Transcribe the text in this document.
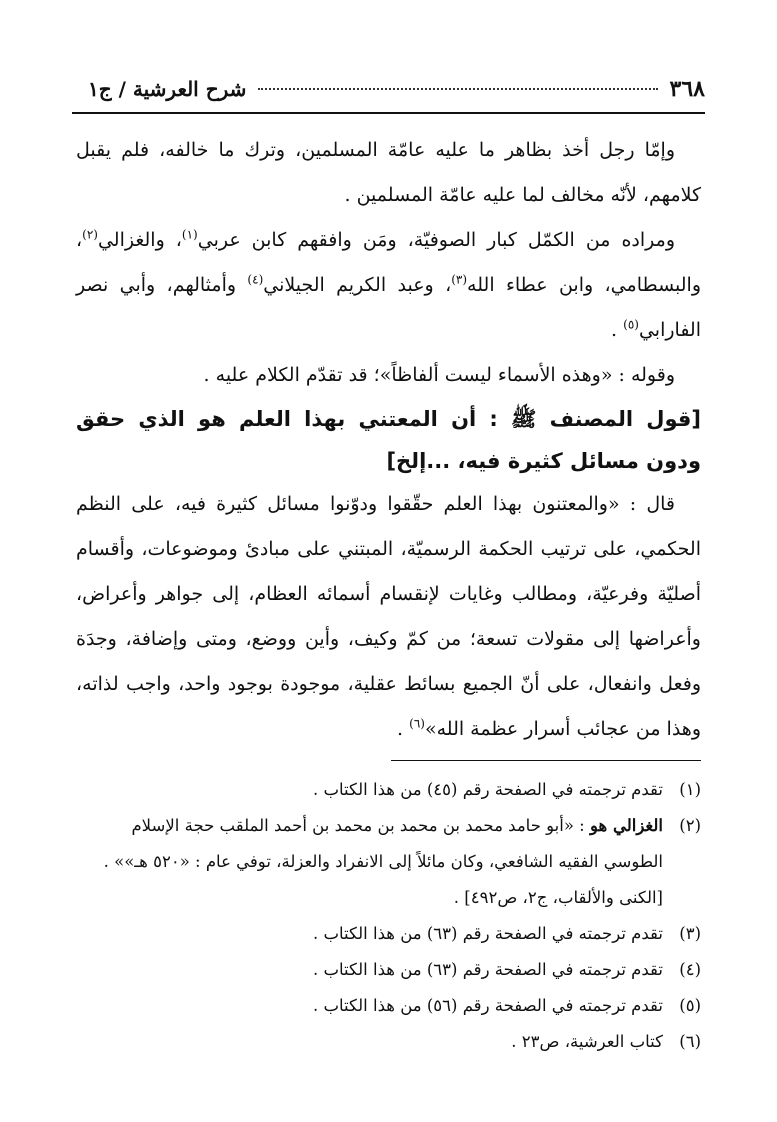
٣٦٨
شرح العرشية / ج١

وإمّا رجل أخذ بظاهر ما عليه عامّة المسلمين، وترك ما خالفه، فلم يقبل كلامهم، لأنّه مخالف لما عليه عامّة المسلمين .

ومراده من الكمّل كبار الصوفيّة، ومَن وافقهم كابن عربي$^{(١)}$، والغزالي$^{(٢)}$، والبسطامي، وابن عطاء الله$^{(٣)}$، وعبد الكريم الجيلاني$^{(٤)}$ وأمثالهم، وأبي نصر الفارابي$^{(٥)}$ .

وقوله : «وهذه الأسماء ليست ألفاظاً»؛ قد تقدّم الكلام عليه .

[قول المصنف ﷺ : أن المعتني بهذا العلم هو الذي حقق ودون مسائل كثيرة فيه، ...إلخ]

قال : «والمعتنون بهذا العلم حقّقوا ودوّنوا مسائل كثيرة فيه، على النظم الحكمي، على ترتيب الحكمة الرسميّة، المبتني على مبادئ وموضوعات، وأقسام أصليّة وفرعيّة، ومطالب وغايات لإنقسام أسمائه العظام، إلى جواهر وأعراض، وأعراضها إلى مقولات تسعة؛ من كمّ وكيف، وأين ووضع، ومتى وإضافة، وجدَة وفعل وانفعال، على أنّ الجميع بسائط عقلية، موجودة بوجود واحد، واجب لذاته، وهذا من عجائب أسرار عظمة الله»$^{(٦)}$ .

(١)
تقدم ترجمته في الصفحة رقم (٤٥) من هذا الكتاب .
(٢)
الغزالي هو : «أبو حامد محمد بن محمد بن محمد بن أحمد الملقب حجة الإسلام الطوسي الفقيه الشافعي، وكان مائلاً إلى الانفراد والعزلة، توفي عام : «٥٢٠ هـ»» . [الكنى والألقاب، ج٢، ص٤٩٢] .
(٣)
تقدم ترجمته في الصفحة رقم (٦٣) من هذا الكتاب .
(٤)
تقدم ترجمته في الصفحة رقم (٦٣) من هذا الكتاب .
(٥)
تقدم ترجمته في الصفحة رقم (٥٦) من هذا الكتاب .
(٦)
كتاب العرشية، ص٢٣ .
